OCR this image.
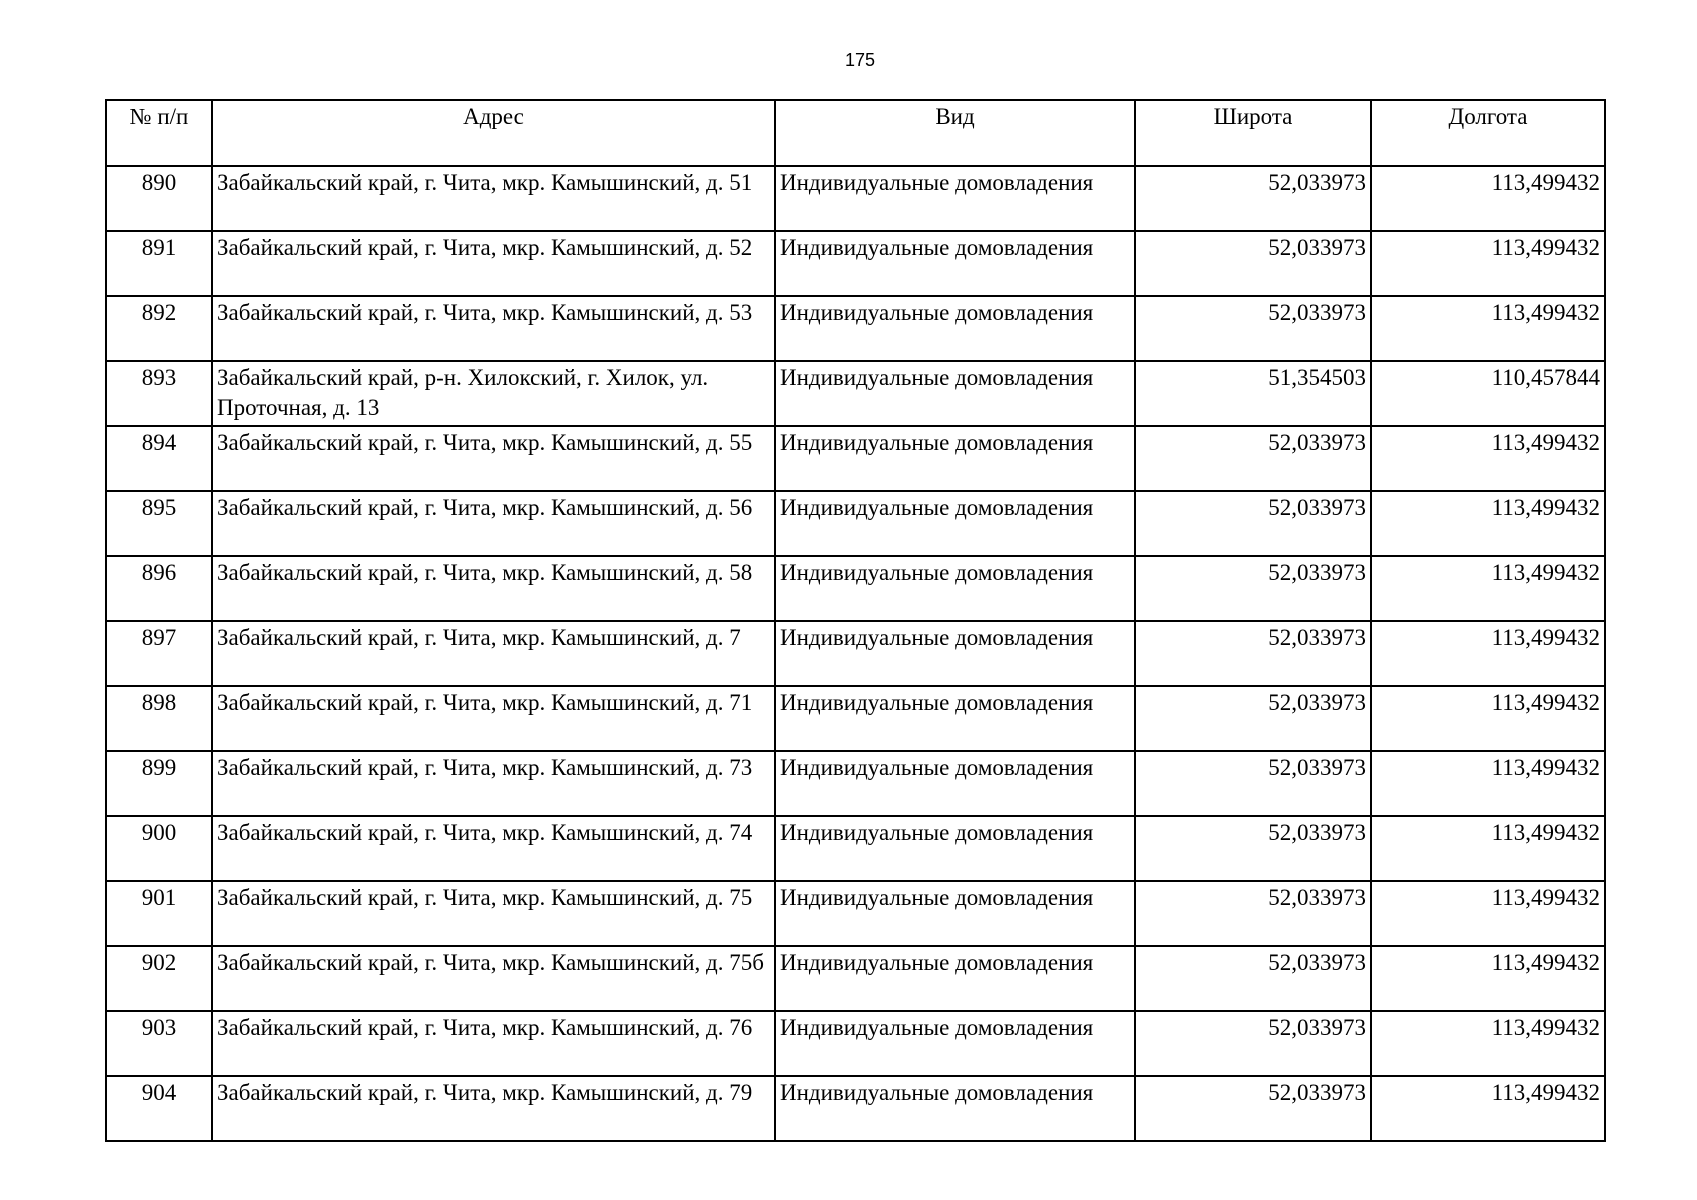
175
№ п/п	Адрес	Вид	Широта	Долгота
890	Забайкальский край, г. Чита, мкр. Камышинский, д. 51	Индивидуальные домовладения	52,033973	113,499432
891	Забайкальский край, г. Чита, мкр. Камышинский, д. 52	Индивидуальные домовладения	52,033973	113,499432
892	Забайкальский край, г. Чита, мкр. Камышинский, д. 53	Индивидуальные домовладения	52,033973	113,499432
893	Забайкальский край, р-н. Хилокский, г. Хилок, ул. Проточная, д. 13	Индивидуальные домовладения	51,354503	110,457844
894	Забайкальский край, г. Чита, мкр. Камышинский, д. 55	Индивидуальные домовладения	52,033973	113,499432
895	Забайкальский край, г. Чита, мкр. Камышинский, д. 56	Индивидуальные домовладения	52,033973	113,499432
896	Забайкальский край, г. Чита, мкр. Камышинский, д. 58	Индивидуальные домовладения	52,033973	113,499432
897	Забайкальский край, г. Чита, мкр. Камышинский, д. 7	Индивидуальные домовладения	52,033973	113,499432
898	Забайкальский край, г. Чита, мкр. Камышинский, д. 71	Индивидуальные домовладения	52,033973	113,499432
899	Забайкальский край, г. Чита, мкр. Камышинский, д. 73	Индивидуальные домовладения	52,033973	113,499432
900	Забайкальский край, г. Чита, мкр. Камышинский, д. 74	Индивидуальные домовладения	52,033973	113,499432
901	Забайкальский край, г. Чита, мкр. Камышинский, д. 75	Индивидуальные домовладения	52,033973	113,499432
902	Забайкальский край, г. Чита, мкр. Камышинский, д. 75б	Индивидуальные домовладения	52,033973	113,499432
903	Забайкальский край, г. Чита, мкр. Камышинский, д. 76	Индивидуальные домовладения	52,033973	113,499432
904	Забайкальский край, г. Чита, мкр. Камышинский, д. 79	Индивидуальные домовладения	52,033973	113,499432
